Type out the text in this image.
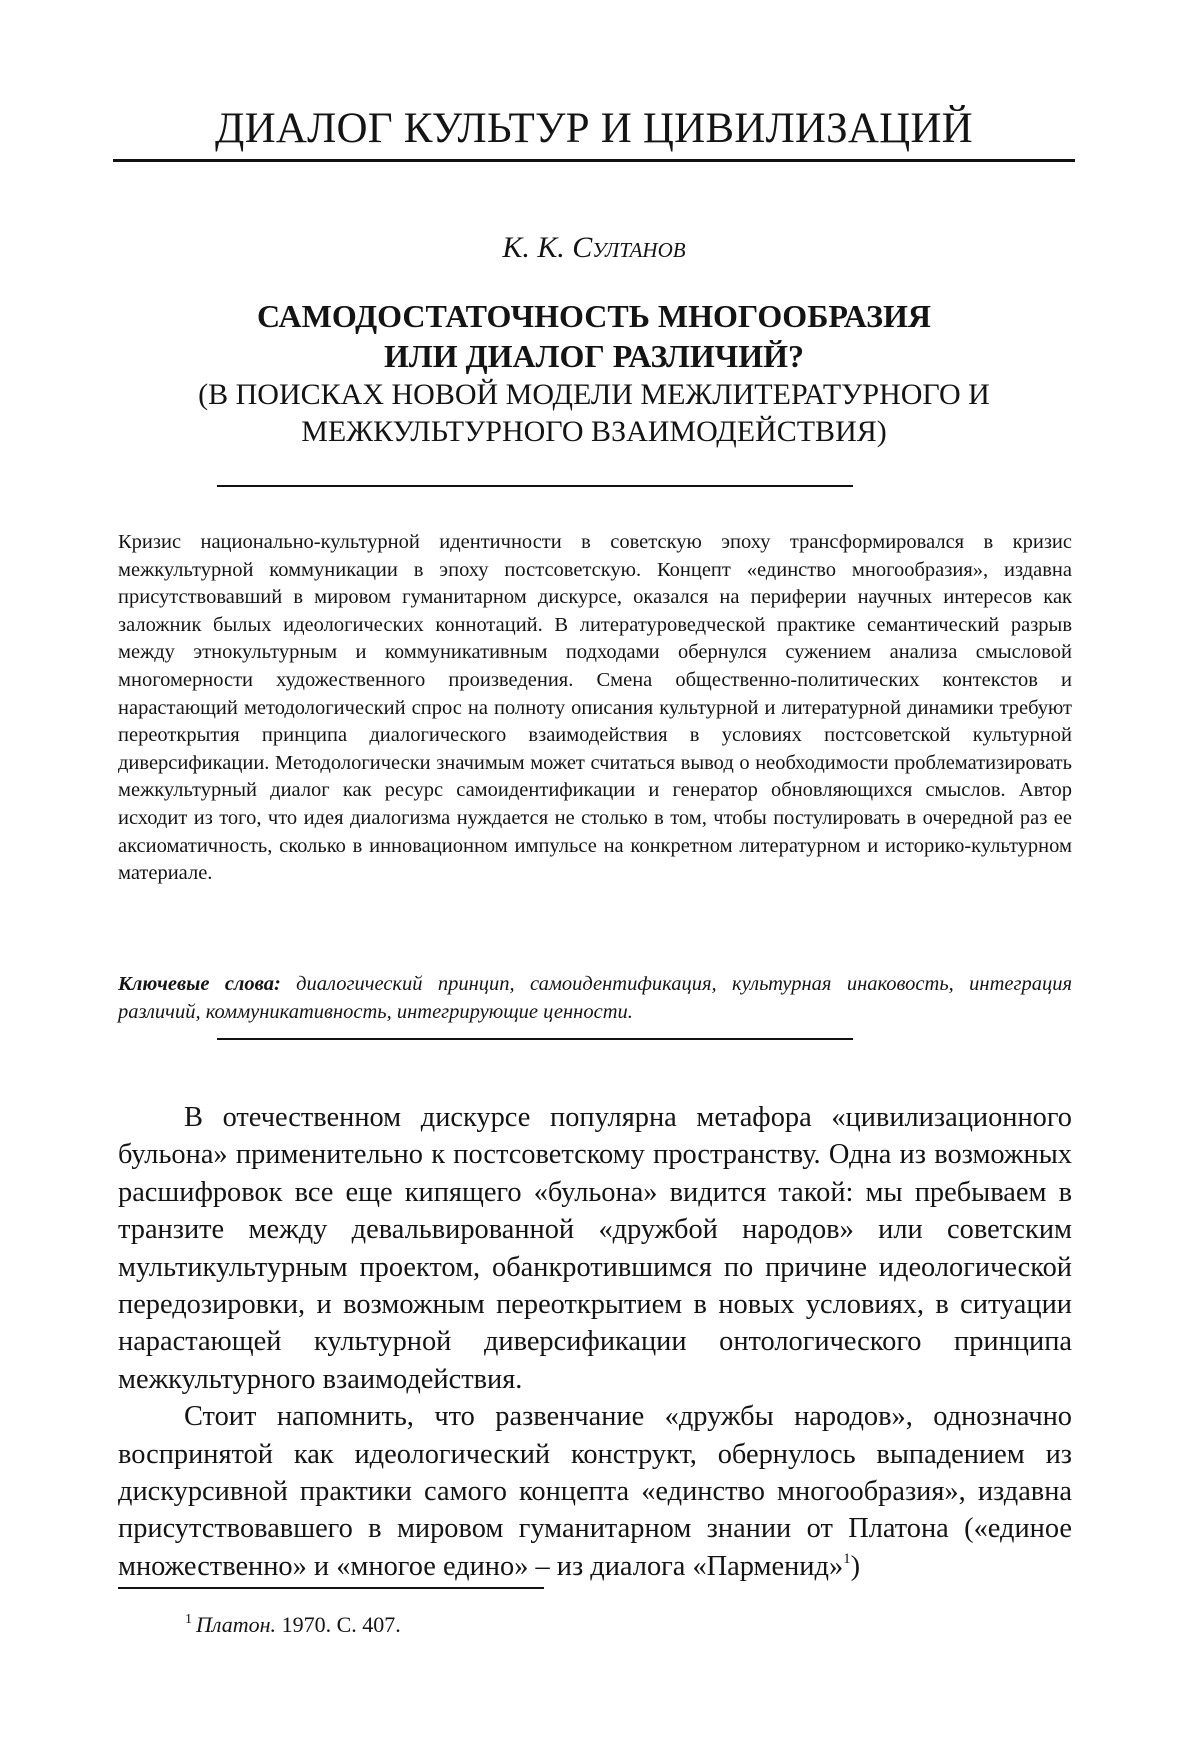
ДИАЛОГ КУЛЬТУР И ЦИВИЛИЗАЦИЙ
К. К. Султанов
САМОДОСТАТОЧНОСТЬ МНОГООБРАЗИЯ
ИЛИ ДИАЛОГ РАЗЛИЧИЙ?
(В ПОИСКАХ НОВОЙ МОДЕЛИ МЕЖЛИТЕРАТУРНОГО И
МЕЖКУЛЬТУРНОГО ВЗАИМОДЕЙСТВИЯ)

Кризис национально-культурной идентичности в советскую эпоху трансформировался в кризис межкультурной коммуникации в эпоху постсоветскую. Концепт «единство многообразия», издавна присутствовавший в мировом гуманитарном дискурсе, оказался на периферии научных интересов как заложник былых идеологических коннотаций. В литературоведческой практике семантический разрыв между этнокультурным и коммуникативным подходами обернулся сужением анализа смысловой многомерности художественного произведения. Смена общественно-политических контекстов и нарастающий методологический спрос на полноту описания культурной и литературной динамики требуют переоткрытия принципа диалогического взаимодействия в условиях постсоветской культурной диверсификации. Методологически значимым может считаться вывод о необходимости проблематизировать межкультурный диалог как ресурс самоидентификации и генератор обновляющихся смыслов. Автор исходит из того, что идея диалогизма нуждается не столько в том, чтобы постулировать в очередной раз ее аксиоматичность, сколько в инновационном импульсе на конкретном литературном и историко-культурном материале.

Ключевые слова: диалогический принцип, самоидентификация, культурная инаковость, интеграция различий, коммуникативность, интегрирующие ценности.

В отечественном дискурсе популярна метафора «цивилизационного бульона» применительно к постсоветскому пространству. Одна из возможных расшифровок все еще кипящего «бульона» видится такой: мы пребываем в транзите между девальвированной «дружбой народов» или советским мультикультурным проектом, обанкротившимся по причине идеологической передозировки, и возможным переоткрытием в новых условиях, в ситуации нарастающей культурной диверсификации онтологического принципа межкультурного взаимодействия.

Стоит напомнить, что развенчание «дружбы народов», однозначно воспринятой как идеологический конструкт, обернулось выпадением из дискурсивной практики самого концепта «единство многообразия», издавна присутствовавшего в мировом гуманитарном знании от Платона («единое множественно» и «многое едино» – из диалога «Парменид»$^1$)

$^1$ Платон. 1970. С. 407.
